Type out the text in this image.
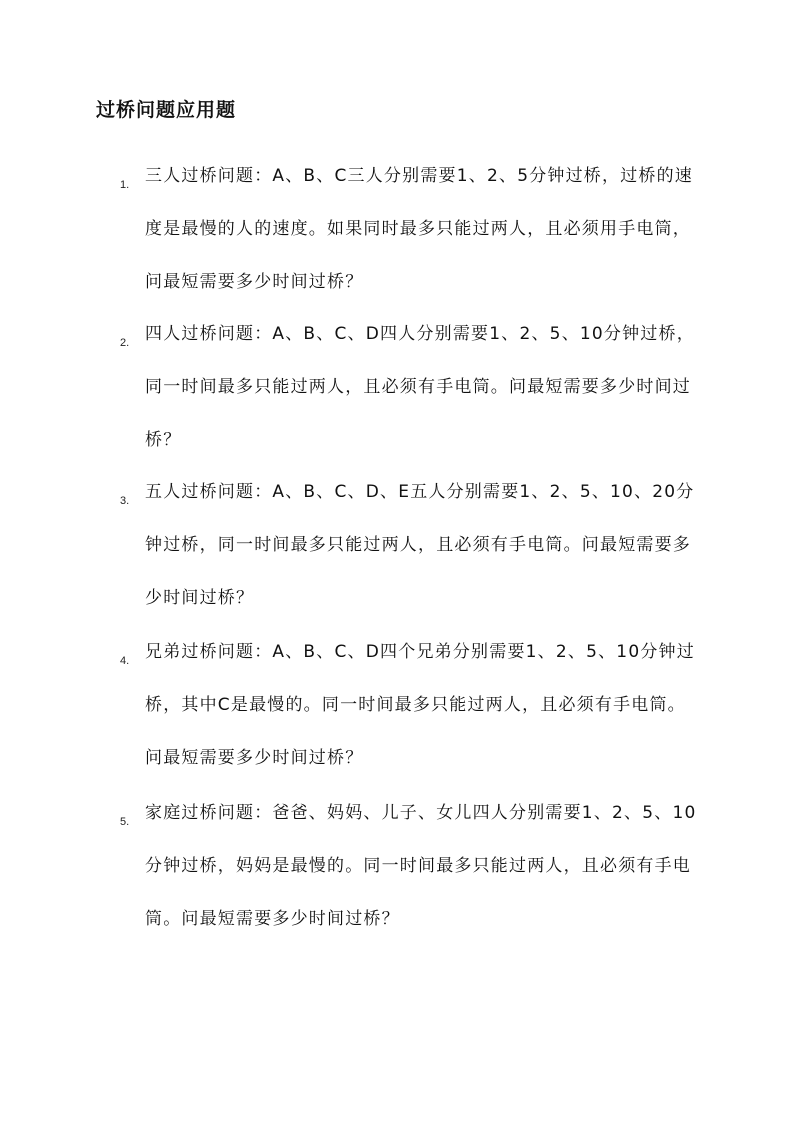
过桥问题应用题
1. 三人过桥问题：A、B、C三人分别需要1、2、5分钟过桥，过桥的速度是最慢的人的速度。如果同时最多只能过两人，且必须用手电筒，问最短需要多少时间过桥？

2. 四人过桥问题：A、B、C、D四人分别需要1、2、5、10分钟过桥，同一时间最多只能过两人，且必须有手电筒。问最短需要多少时间过桥？

3. 五人过桥问题：A、B、C、D、E五人分别需要1、2、5、10、20分钟过桥，同一时间最多只能过两人，且必须有手电筒。问最短需要多少时间过桥？

4. 兄弟过桥问题：A、B、C、D四个兄弟分别需要1、2、5、10分钟过桥，其中C是最慢的。同一时间最多只能过两人，且必须有手电筒。问最短需要多少时间过桥？

5. 家庭过桥问题：爸爸、妈妈、儿子、女儿四人分别需要1、2、5、10分钟过桥，妈妈是最慢的。同一时间最多只能过两人，且必须有手电筒。问最短需要多少时间过桥？
